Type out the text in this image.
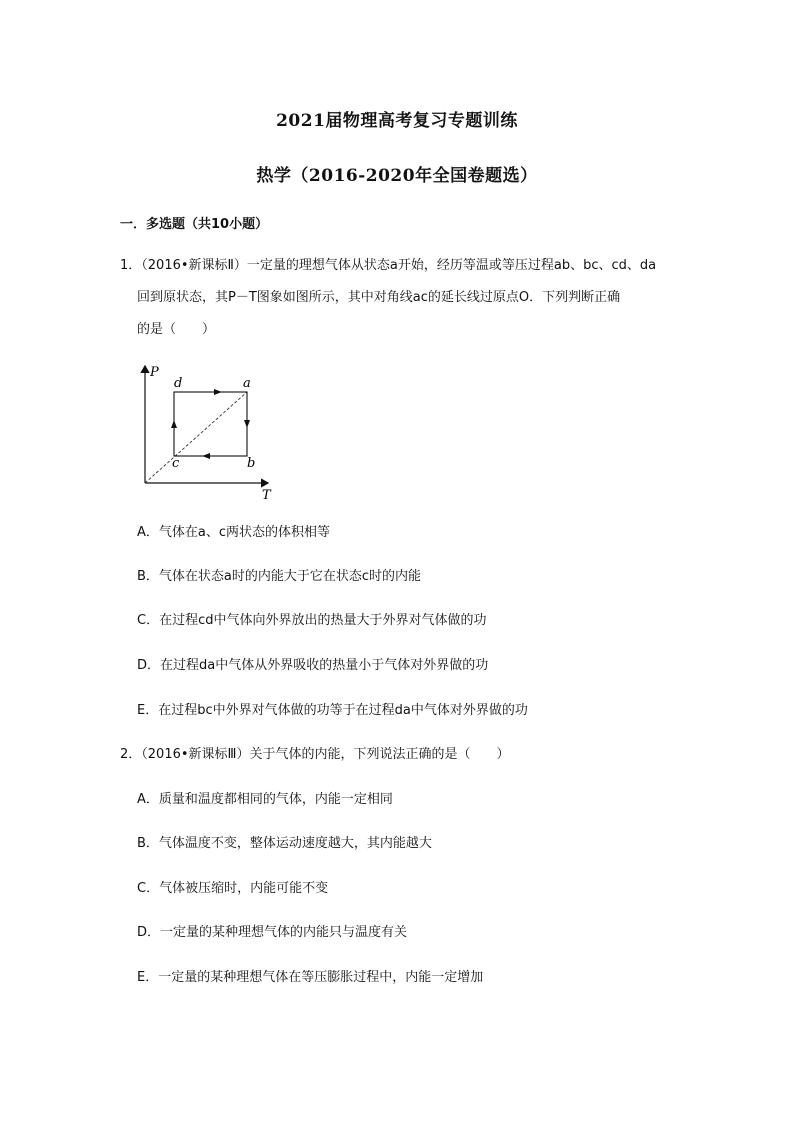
2021届物理高考复习专题训练
热学（2016-2020年全国卷题选）
一．多选题（共10小题）
1．（2016•新课标Ⅱ）一定量的理想气体从状态a开始，经历等温或等压过程ab、bc、cd、da
回到原状态，其P－T图象如图所示，其中对角线ac的延长线过原点O．下列判断正确
的是（　　）
P
T
d	a
b
c
A．气体在a、c两状态的体积相等
B．气体在状态a时的内能大于它在状态c时的内能
C．在过程cd中气体向外界放出的热量大于外界对气体做的功
D．在过程da中气体从外界吸收的热量小于气体对外界做的功
E．在过程bc中外界对气体做的功等于在过程da中气体对外界做的功
2．（2016•新课标Ⅲ）关于气体的内能，下列说法正确的是（　　）
A．质量和温度都相同的气体，内能一定相同
B．气体温度不变，整体运动速度越大，其内能越大
C．气体被压缩时，内能可能不变
D．一定量的某种理想气体的内能只与温度有关
E．一定量的某种理想气体在等压膨胀过程中，内能一定增加
